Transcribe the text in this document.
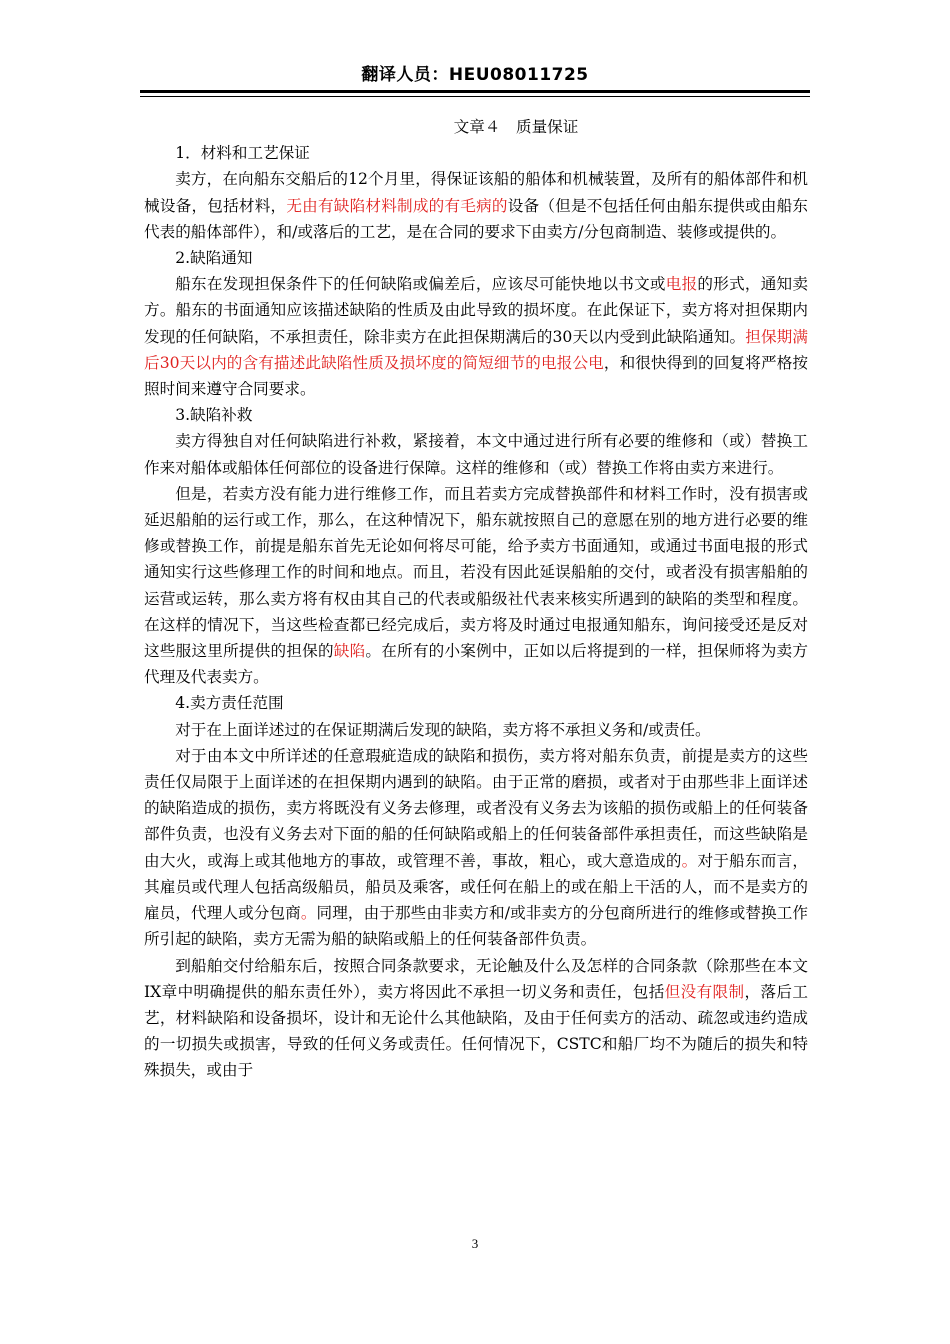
翻译人员：HEU08011725

文章４　质量保证

1．材料和工艺保证

卖方，在向船东交船后的12个月里，得保证该船的船体和机械装置，及所有的船体部件和机械设备，包括材料，无由有缺陷材料制成的有毛病的设备（但是不包括任何由船东提供或由船东代表的船体部件），和/或落后的工艺，是在合同的要求下由卖方/分包商制造、装修或提供的。

2.缺陷通知

船东在发现担保条件下的任何缺陷或偏差后，应该尽可能快地以书文或电报的形式，通知卖方。船东的书面通知应该描述缺陷的性质及由此导致的损坏度。在此保证下，卖方将对担保期内发现的任何缺陷，不承担责任，除非卖方在此担保期满后的30天以内受到此缺陷通知。担保期满后30天以内的含有描述此缺陷性质及损坏度的简短细节的电报公电，和很快得到的回复将严格按照时间来遵守合同要求。

3.缺陷补救

卖方得独自对任何缺陷进行补救，紧接着，本文中通过进行所有必要的维修和（或）替换工作来对船体或船体任何部位的设备进行保障。这样的维修和（或）替换工作将由卖方来进行。

但是，若卖方没有能力进行维修工作，而且若卖方完成替换部件和材料工作时，没有损害或延迟船舶的运行或工作，那么，在这种情况下，船东就按照自己的意愿在别的地方进行必要的维修或替换工作，前提是船东首先无论如何将尽可能，给予卖方书面通知，或通过书面电报的形式通知实行这些修理工作的时间和地点。而且，若没有因此延误船舶的交付，或者没有损害船舶的运营或运转，那么卖方将有权由其自己的代表或船级社代表来核实所遇到的缺陷的类型和程度。在这样的情况下，当这些检查都已经完成后，卖方将及时通过电报通知船东，询问接受还是反对这些服这里所提供的担保的缺陷。在所有的小案例中，正如以后将提到的一样，担保师将为卖方代理及代表卖方。

4.卖方责任范围

对于在上面详述过的在保证期满后发现的缺陷，卖方将不承担义务和/或责任。

对于由本文中所详述的任意瑕疵造成的缺陷和损伤，卖方将对船东负责，前提是卖方的这些责任仅局限于上面详述的在担保期内遇到的缺陷。由于正常的磨损，或者对于由那些非上面详述的缺陷造成的损伤，卖方将既没有义务去修理，或者没有义务去为该船的损伤或船上的任何装备部件负责，也没有义务去对下面的船的任何缺陷或船上的任何装备部件承担责任，而这些缺陷是由大火，或海上或其他地方的事故，或管理不善，事故，粗心，或大意造成的。对于船东而言，其雇员或代理人包括高级船员，船员及乘客，或任何在船上的或在船上干活的人，而不是卖方的雇员，代理人或分包商。同理，由于那些由非卖方和/或非卖方的分包商所进行的维修或替换工作所引起的缺陷，卖方无需为船的缺陷或船上的任何装备部件负责。

到船舶交付给船东后，按照合同条款要求，无论触及什么及怎样的合同条款（除那些在本文IX章中明确提供的船东责任外），卖方将因此不承担一切义务和责任，包括但没有限制，落后工艺，材料缺陷和设备损坏，设计和无论什么其他缺陷，及由于任何卖方的活动、疏忽或违约造成的一切损失或损害，导致的任何义务或责任。任何情况下，CSTC和船厂均不为随后的损失和特殊损失，或由于

3
